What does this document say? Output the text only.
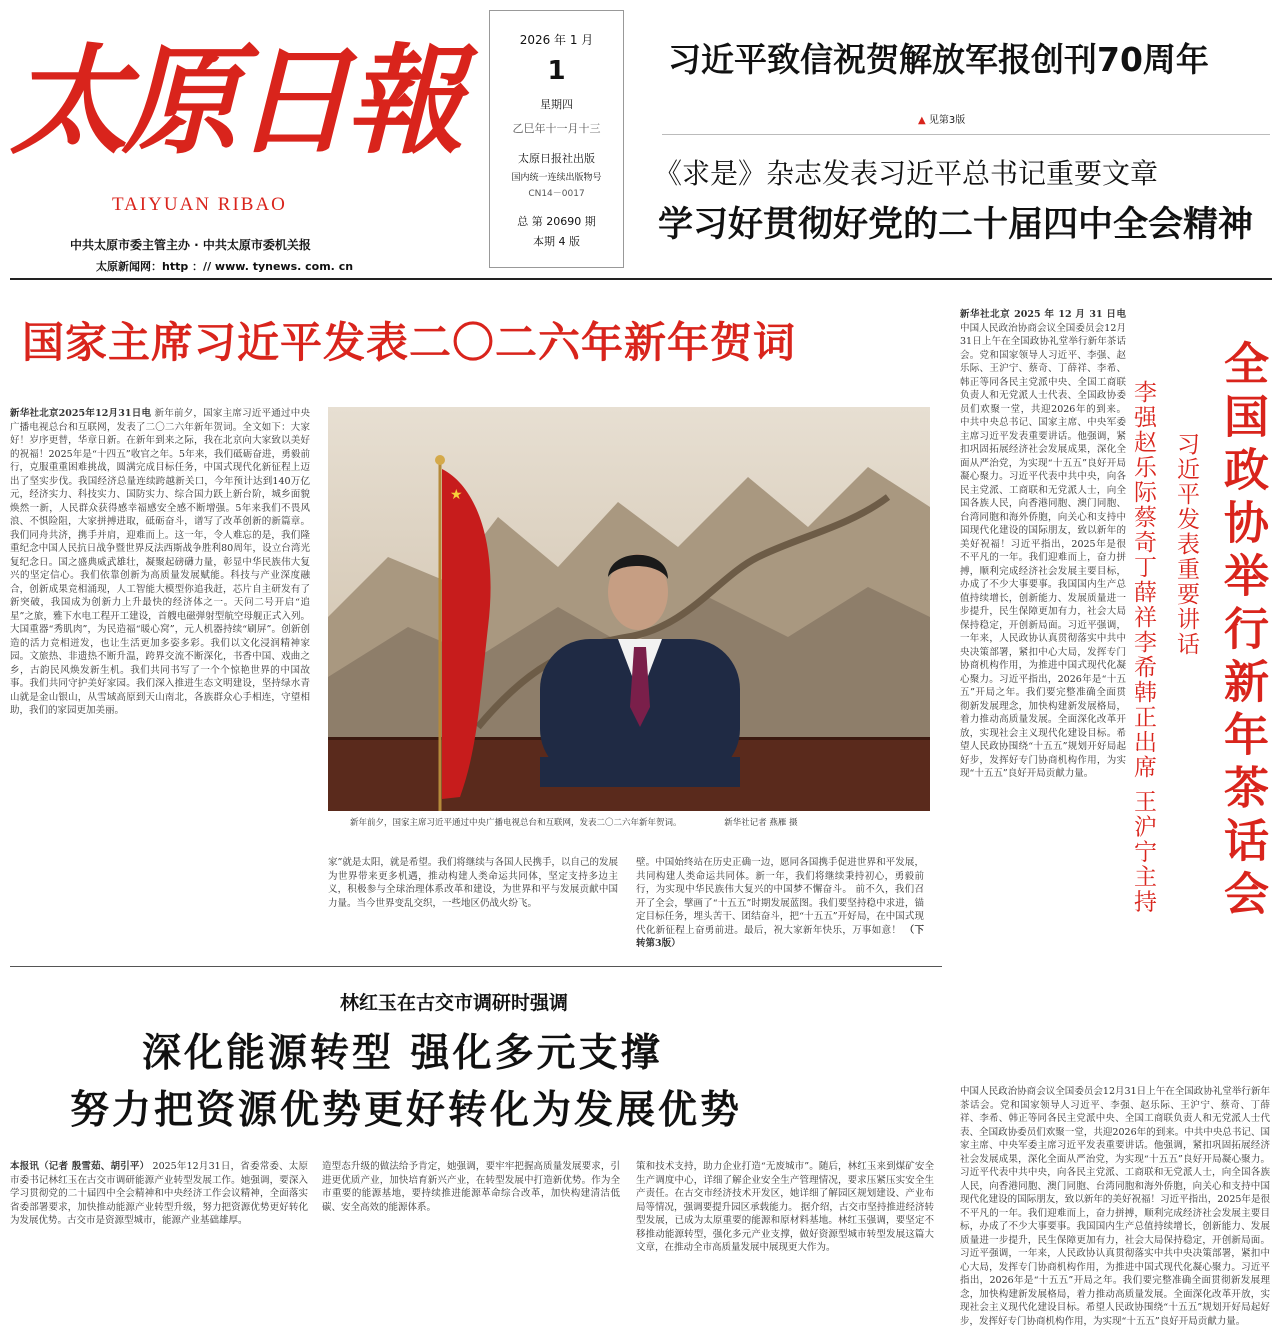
太原日報
TAIYUAN RIBAO
中共太原市委主管主办 · 中共太原市委机关报
太原新闻网：http ：// www. tynews. com. cn
2026 年 1 月
1
星期四
乙巳年十一月十三
太原日报社出版
国内统一连续出版物号
CN14－0017
总 第 20690 期
本期 4 版
习近平致信祝贺解放军报创刊70周年
▲ 见第3版
《求是》杂志发表习近平总书记重要文章
学习好贯彻好党的二十届四中全会精神
国家主席习近平发表二〇二六年新年贺词
新华社北京2025年12月31日电 新年前夕，国家主席习近平通过中央广播电视总台和互联网，发表了二〇二六年新年贺词。全文如下：大家好！岁序更替，华章日新。在新年到来之际，我在北京向大家致以美好的祝福！2025年是“十四五”收官之年。5年来，我们砥砺奋进，勇毅前行，克服重重困难挑战，圆满完成目标任务，中国式现代化新征程上迈出了坚实步伐。我国经济总量连续跨越新关口，今年预计达到140万亿元，经济实力、科技实力、国防实力、综合国力跃上新台阶，城乡面貌焕然一新，人民群众获得感幸福感安全感不断增强。5年来我们不畏风浪、不惧险阻，大家拼搏进取，砥砺奋斗，谱写了改革创新的新篇章。我们同舟共济，携手并肩，迎难而上。这一年，令人难忘的是，我们隆重纪念中国人民抗日战争暨世界反法西斯战争胜利80周年，设立台湾光复纪念日。国之盛典威武雄壮，凝聚起磅礴力量，彰显中华民族伟大复兴的坚定信心。我们依靠创新为高质量发展赋能。科技与产业深度融合，创新成果竞相涌现，人工智能大模型你追我赶，芯片自主研发有了新突破，我国成为创新力上升最快的经济体之一。天问二号开启“追星”之旅，雅下水电工程开工建设，首艘电磁弹射型航空母舰正式入列。大国重器“秀肌肉”，为民造福“暖心窝”，元人机器持续“刷屏”。创新创造的活力竞相迸发，也让生活更加多姿多彩。我们以文化浸润精神家园。文旅热、非遗热不断升温，跨界交流不断深化，书香中国、戏曲之乡，古韵民风焕发新生机。我们共同书写了一个个惊艳世界的中国故事。我们共同守护美好家园。我们深入推进生态文明建设，坚持绿水青山就是金山银山，从雪域高原到天山南北，各族群众心手相连，守望相助，我们的家园更加美丽。
★
新年前夕，国家主席习近平通过中央广播电视总台和互联网，发表二〇二六年新年贺词。	新华社记者 燕雁 摄
家”就是太阳，就是希望。我们将继续与各国人民携手，以自己的发展为世界带来更多机遇，推动构建人类命运共同体，坚定支持多边主义，积极参与全球治理体系改革和建设，为世界和平与发展贡献中国力量。当今世界变乱交织，一些地区仍战火纷飞。
壁。中国始终站在历史正确一边，愿同各国携手促进世界和平发展，共同构建人类命运共同体。新一年，我们将继续秉持初心，勇毅前行，为实现中华民族伟大复兴的中国梦不懈奋斗。 前不久，我们召开了全会，擘画了“十五五”时期发展蓝图。我们要坚持稳中求进，锚定目标任务，埋头苦干、团结奋斗，把“十五五”开好局，在中国式现代化新征程上奋勇前进。最后，祝大家新年快乐，万事如意！ （下转第3版）
新华社北京 2025 年 12 月 31 日电 中国人民政治协商会议全国委员会12月31日上午在全国政协礼堂举行新年茶话会。党和国家领导人习近平、李强、赵乐际、王沪宁、蔡奇、丁薛祥、李希、韩正等同各民主党派中央、全国工商联负责人和无党派人士代表、全国政协委员们欢聚一堂，共迎2026年的到来。中共中央总书记、国家主席、中央军委主席习近平发表重要讲话。他强调，紧扣巩固拓展经济社会发展成果，深化全面从严治党，为实现“十五五”良好开局凝心聚力。习近平代表中共中央，向各民主党派、工商联和无党派人士，向全国各族人民，向香港同胞、澳门同胞、台湾同胞和海外侨胞，向关心和支持中国现代化建设的国际朋友，致以新年的美好祝福！习近平指出，2025年是很不平凡的一年。我们迎难而上，奋力拼搏，顺利完成经济社会发展主要目标，办成了不少大事要事。我国国内生产总值持续增长，创新能力、发展质量进一步提升，民生保障更加有力，社会大局保持稳定，开创新局面。习近平强调，一年来，人民政协认真贯彻落实中共中央决策部署，紧扣中心大局，发挥专门协商机构作用，为推进中国式现代化凝心聚力。习近平指出，2026年是“十五五”开局之年。我们要完整准确全面贯彻新发展理念，加快构建新发展格局，着力推动高质量发展。全面深化改革开放，实现社会主义现代化建设目标。希望人民政协围绕“十五五”规划开好局起好步，发挥好专门协商机构作用，为实现“十五五”良好开局贡献力量。	全国政协举行新年茶话会
习近平发表重要讲话
李强赵乐际蔡奇丁薛祥李希韩正出席 王沪宁主持
中国人民政治协商会议全国委员会12月31日上午在全国政协礼堂举行新年茶话会。党和国家领导人习近平、李强、赵乐际、王沪宁、蔡奇、丁薛祥、李希、韩正等同各民主党派中央、全国工商联负责人和无党派人士代表、全国政协委员们欢聚一堂，共迎2026年的到来。中共中央总书记、国家主席、中央军委主席习近平发表重要讲话。他强调，紧扣巩固拓展经济社会发展成果，深化全面从严治党，为实现“十五五”良好开局凝心聚力。习近平代表中共中央，向各民主党派、工商联和无党派人士，向全国各族人民，向香港同胞、澳门同胞、台湾同胞和海外侨胞，向关心和支持中国现代化建设的国际朋友，致以新年的美好祝福！习近平指出，2025年是很不平凡的一年。我们迎难而上，奋力拼搏，顺利完成经济社会发展主要目标，办成了不少大事要事。我国国内生产总值持续增长，创新能力、发展质量进一步提升，民生保障更加有力，社会大局保持稳定，开创新局面。习近平强调，一年来，人民政协认真贯彻落实中共中央决策部署，紧扣中心大局，发挥专门协商机构作用，为推进中国式现代化凝心聚力。习近平指出，2026年是“十五五”开局之年。我们要完整准确全面贯彻新发展理念，加快构建新发展格局，着力推动高质量发展。全面深化改革开放，实现社会主义现代化建设目标。希望人民政协围绕“十五五”规划开好局起好步，发挥好专门协商机构作用，为实现“十五五”良好开局贡献力量。
林红玉在古交市调研时强调
深化能源转型 强化多元支撑
努力把资源优势更好转化为发展优势
本报讯（记者 殷雪茹、胡引平） 2025年12月31日，省委常委、太原市委书记林红玉在古交市调研能源产业转型发展工作。她强调，要深入学习贯彻党的二十届四中全会精神和中央经济工作会议精神，全面落实省委部署要求，加快推动能源产业转型升级，努力把资源优势更好转化为发展优势。古交市是资源型城市，能源产业基础雄厚。
造型态升级的做法给予肯定，她强调，要牢牢把握高质量发展要求，引进更优质产业，加快培育新兴产业，在转型发展中打造新优势。作为全市重要的能源基地，要持续推进能源革命综合改革，加快构建清洁低碳、安全高效的能源体系。
策和技术支持，助力企业打造“无废城市”。随后，林红玉来到煤矿安全生产调度中心，详细了解企业安全生产管理情况，要求压紧压实安全生产责任。在古交市经济技术开发区，她详细了解园区规划建设、产业布局等情况，强调要提升园区承载能力。 据介绍，古交市坚持推进经济转型发展，已成为太原重要的能源和原材料基地。林红玉强调，要坚定不移推动能源转型，强化多元产业支撑，做好资源型城市转型发展这篇大文章，在推动全市高质量发展中展现更大作为。
